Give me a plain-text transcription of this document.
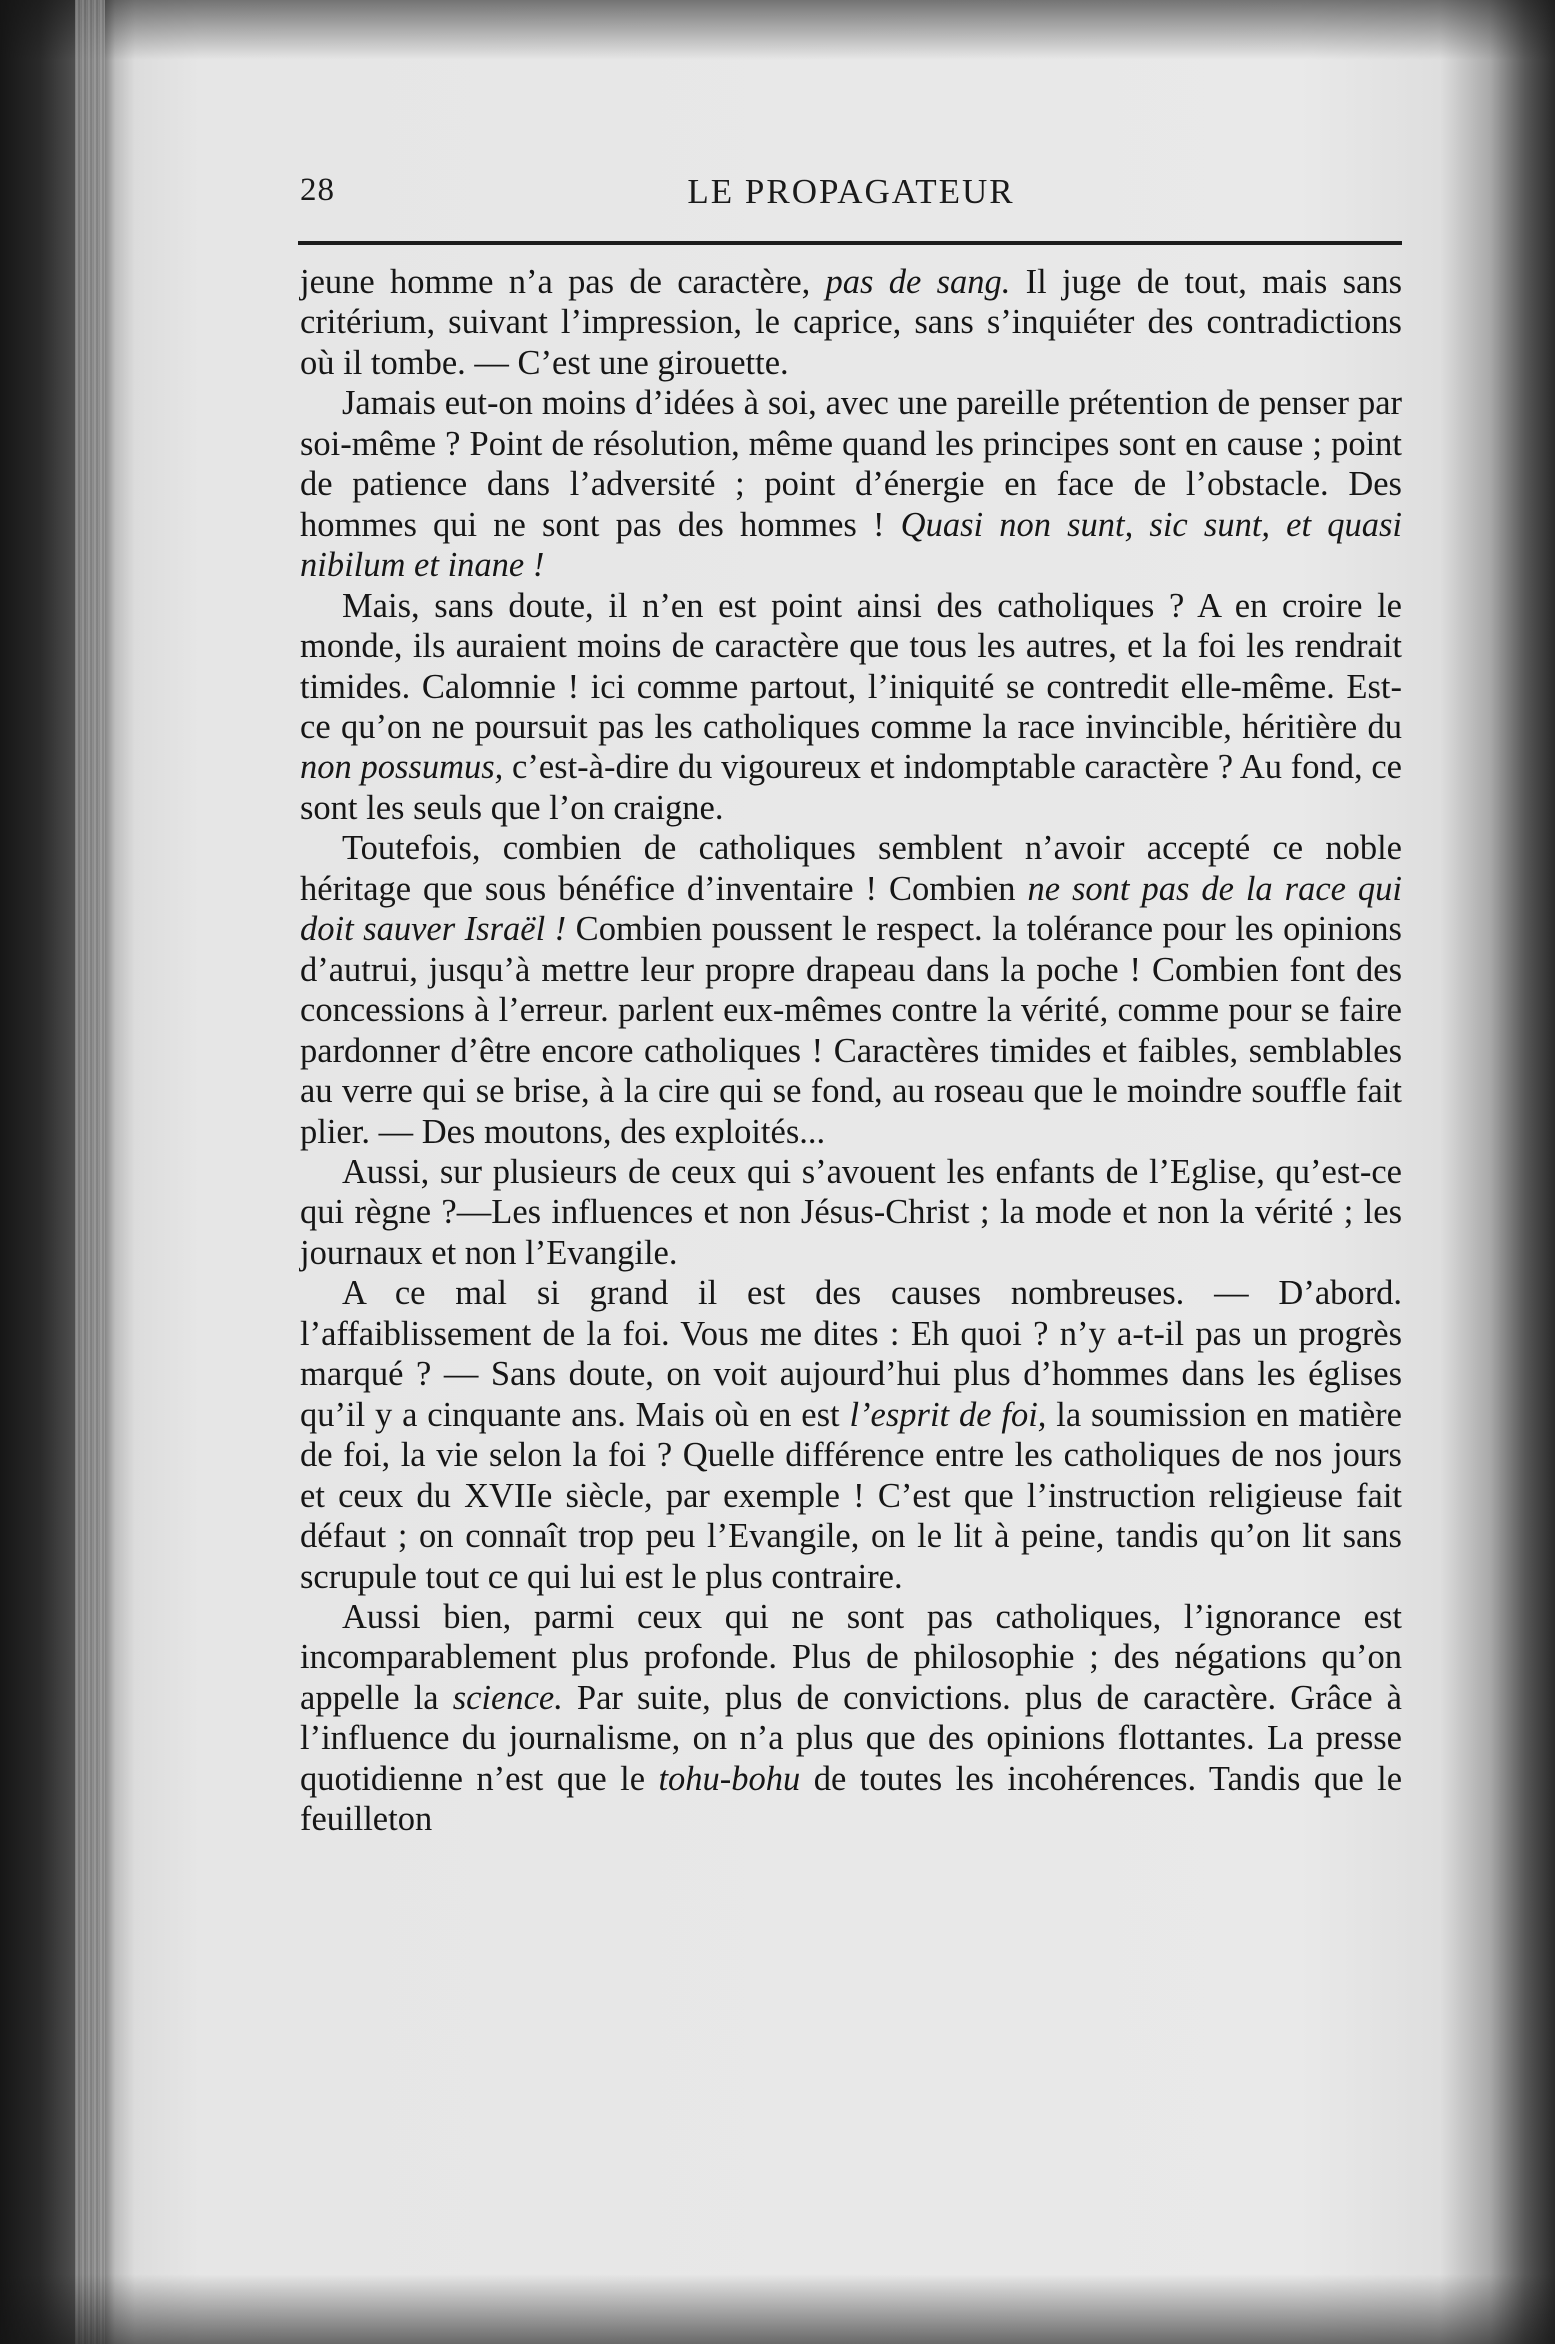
LE PROPAGATEUR
28

jeune homme n’a pas de caractère, pas de sang. Il juge de tout, mais sans critérium, suivant l’impression, le caprice, sans s’inquiéter des contradictions où il tombe. — C’est une girouette.

Jamais eut-on moins d’idées à soi, avec une pareille prétention de penser par soi-même ? Point de résolution, même quand les principes sont en cause ; point de patience dans l’adversité ; point d’énergie en face de l’obstacle. Des hommes qui ne sont pas des hommes ! Quasi non sunt, sic sunt, et quasi nibilum et inane !

Mais, sans doute, il n’en est point ainsi des catholiques ? A en croire le monde, ils auraient moins de caractère que tous les autres, et la foi les rendrait timides. Calomnie ! ici comme partout, l’iniquité se contredit elle-même. Est-ce qu’on ne poursuit pas les catholiques comme la race invincible, héritière du non possumus, c’est-à-dire du vigoureux et indomptable caractère ? Au fond, ce sont les seuls que l’on craigne.

Toutefois, combien de catholiques semblent n’avoir accepté ce noble héritage que sous bénéfice d’inventaire ! Combien ne sont pas de la race qui doit sauver Israël ! Combien poussent le respect. la tolérance pour les opinions d’autrui, jusqu’à mettre leur propre drapeau dans la poche ! Combien font des concessions à l’erreur. parlent eux-mêmes contre la vérité, comme pour se faire pardonner d’être encore catholiques ! Caractères timides et faibles, semblables au verre qui se brise, à la cire qui se fond, au roseau que le moindre souffle fait plier. — Des moutons, des exploités...

Aussi, sur plusieurs de ceux qui s’avouent les enfants de l’Eglise, qu’est-ce qui règne ?—Les influences et non Jésus-Christ ; la mode et non la vérité ; les journaux et non l’Evangile.

A ce mal si grand il est des causes nombreuses. — D’abord. l’affaiblissement de la foi. Vous me dites : Eh quoi ? n’y a-t-il pas un progrès marqué ? — Sans doute, on voit aujourd’hui plus d’hommes dans les églises qu’il y a cinquante ans. Mais où en est l’esprit de foi, la soumission en matière de foi, la vie selon la foi ? Quelle différence entre les catholiques de nos jours et ceux du XVIIe siècle, par exemple ! C’est que l’instruction religieuse fait défaut ; on connaît trop peu l’Evangile, on le lit à peine, tandis qu’on lit sans scrupule tout ce qui lui est le plus contraire.

Aussi bien, parmi ceux qui ne sont pas catholiques, l’ignorance est incomparablement plus profonde. Plus de philosophie ; des négations qu’on appelle la science. Par suite, plus de convictions. plus de caractère. Grâce à l’influence du journalisme, on n’a plus que des opinions flottantes. La presse quotidienne n’est que le tohu-bohu de toutes les incohérences. Tandis que le feuilleton
